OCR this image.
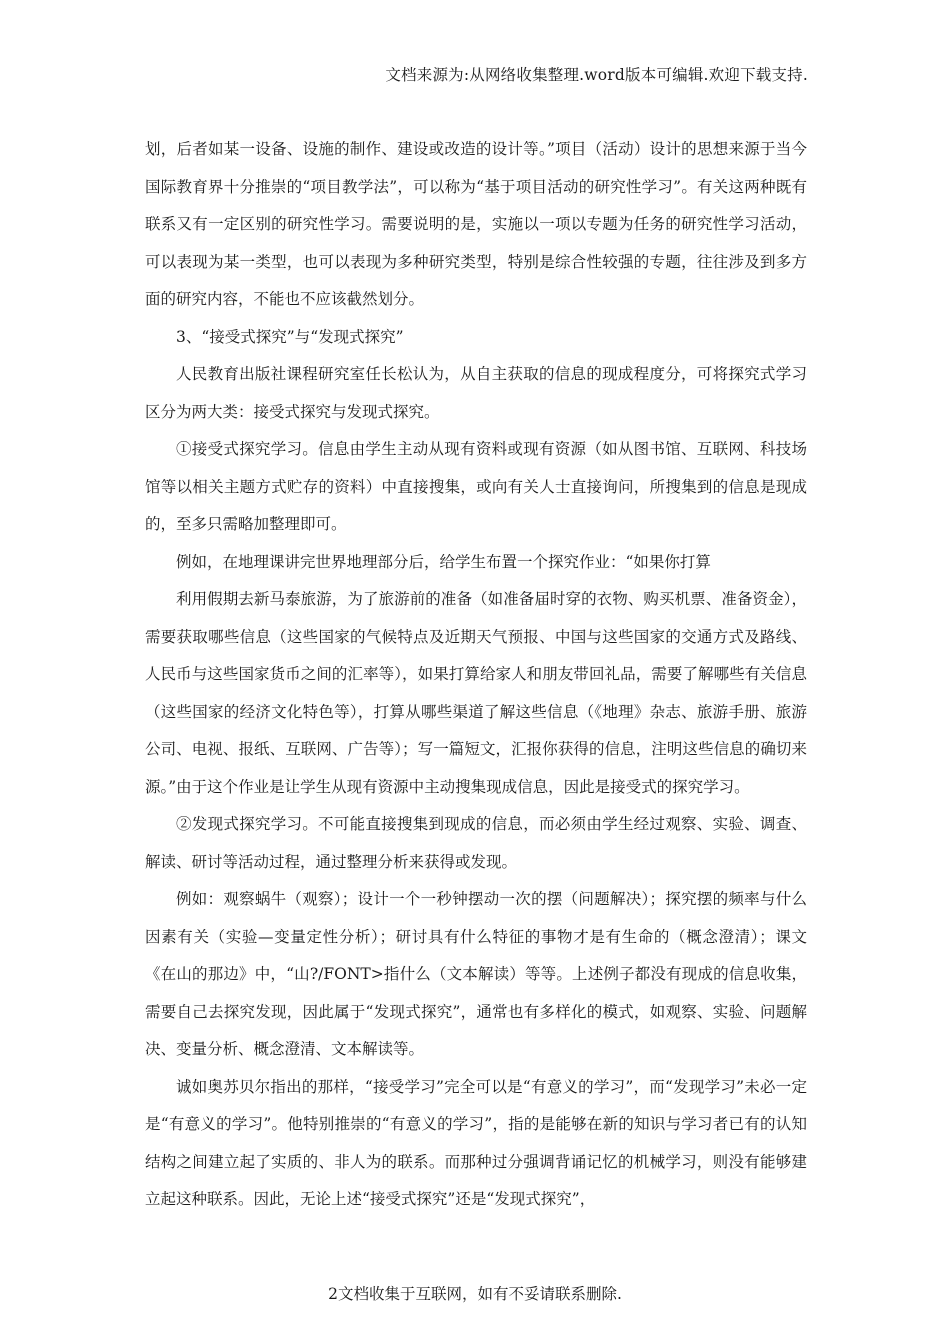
文档来源为:从网络收集整理.word版本可编辑.欢迎下载支持.

划，后者如某一设备、设施的制作、建设或改造的设计等。”项目（活动）设计的思想来源于当今国际教育界十分推崇的“项目教学法”，可以称为“基于项目活动的研究性学习”。有关这两种既有联系又有一定区别的研究性学习。需要说明的是，实施以一项以专题为任务的研究性学习活动，可以表现为某一类型，也可以表现为多种研究类型，特别是综合性较强的专题，往往涉及到多方面的研究内容，不能也不应该截然划分。

3、“接受式探究”与“发现式探究”

人民教育出版社课程研究室任长松认为，从自主获取的信息的现成程度分，可将探究式学习区分为两大类：接受式探究与发现式探究。

①接受式探究学习。信息由学生主动从现有资料或现有资源（如从图书馆、互联网、科技场馆等以相关主题方式贮存的资料）中直接搜集，或向有关人士直接询问，所搜集到的信息是现成的，至多只需略加整理即可。

例如，在地理课讲完世界地理部分后，给学生布置一个探究作业：“如果你打算

利用假期去新马泰旅游，为了旅游前的准备（如准备届时穿的衣物、购买机票、准备资金），需要获取哪些信息（这些国家的气候特点及近期天气预报、中国与这些国家的交通方式及路线、人民币与这些国家货币之间的汇率等），如果打算给家人和朋友带回礼品，需要了解哪些有关信息（这些国家的经济文化特色等），打算从哪些渠道了解这些信息（《地理》杂志、旅游手册、旅游公司、电视、报纸、互联网、广告等）；写一篇短文，汇报你获得的信息，注明这些信息的确切来源。”由于这个作业是让学生从现有资源中主动搜集现成信息，因此是接受式的探究学习。

②发现式探究学习。不可能直接搜集到现成的信息，而必须由学生经过观察、实验、调查、解读、研讨等活动过程，通过整理分析来获得或发现。

例如：观察蜗牛（观察）；设计一个一秒钟摆动一次的摆（问题解决）；探究摆的频率与什么因素有关（实验—变量定性分析）；研讨具有什么特征的事物才是有生命的（概念澄清）；课文《在山的那边》中，“山?/FONT>指什么（文本解读）等等。上述例子都没有现成的信息收集，需要自己去探究发现，因此属于“发现式探究”，通常也有多样化的模式，如观察、实验、问题解决、变量分析、概念澄清、文本解读等。

诚如奥苏贝尔指出的那样，“接受学习”完全可以是“有意义的学习”，而“发现学习”未必一定是“有意义的学习”。他特别推崇的“有意义的学习”，指的是能够在新的知识与学习者已有的认知结构之间建立起了实质的、非人为的联系。而那种过分强调背诵记忆的机械学习，则没有能够建立起这种联系。因此，无论上述“接受式探究”还是“发现式探究”，

2文档收集于互联网，如有不妥请联系删除.
